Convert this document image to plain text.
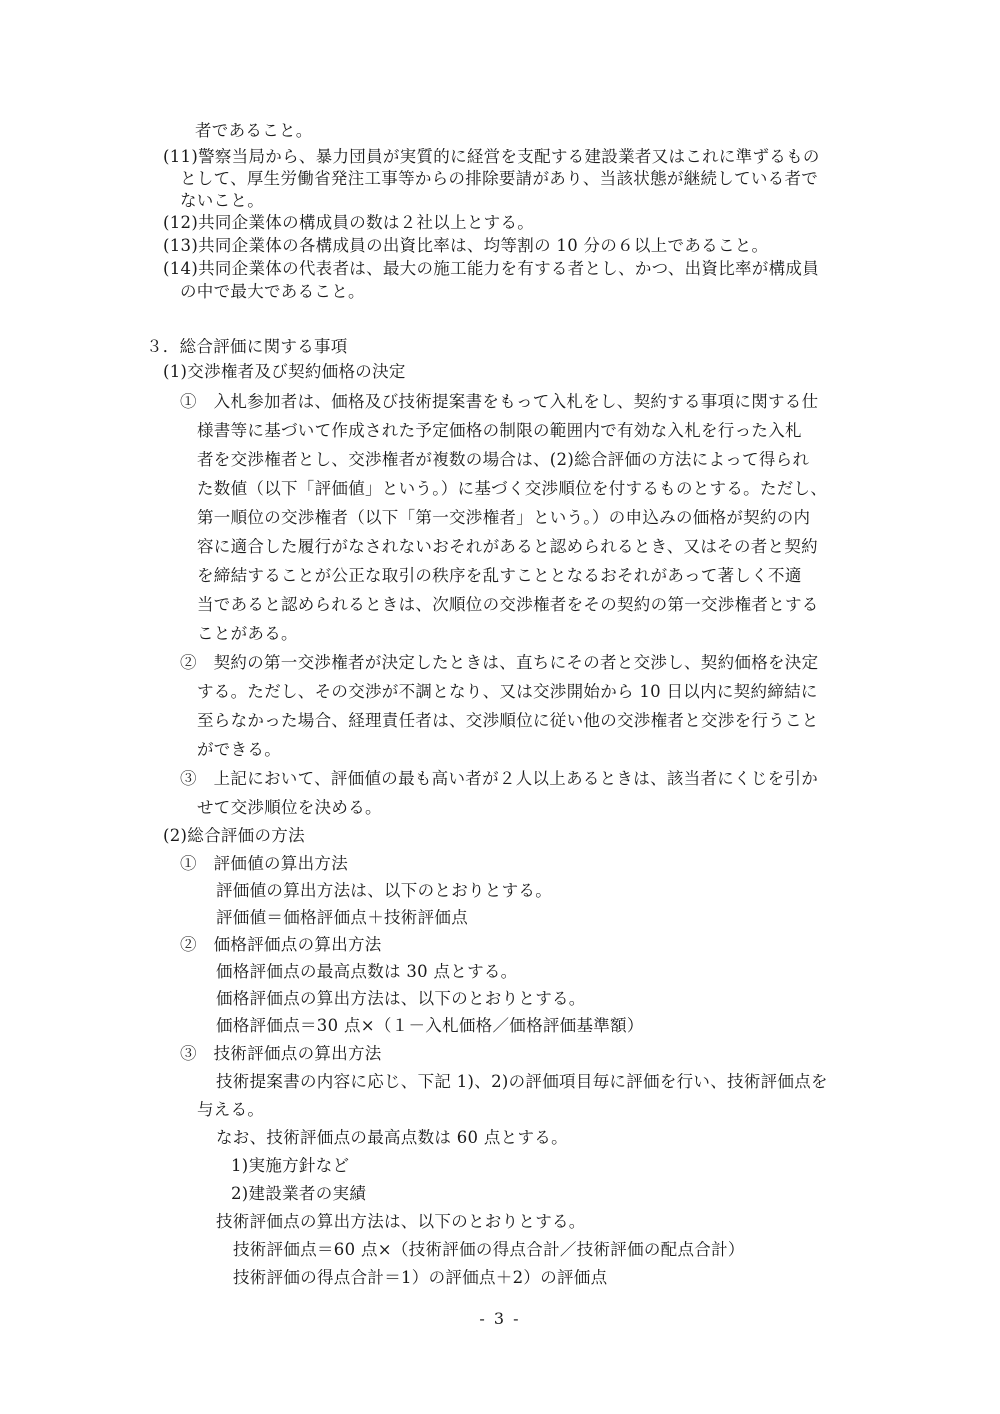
者であること。
(11)警察当局から、暴力団員が実質的に経営を支配する建設業者又はこれに準ずるもの
として、厚生労働省発注工事等からの排除要請があり、当該状態が継続している者で
ないこと。
(12)共同企業体の構成員の数は２社以上とする。
(13)共同企業体の各構成員の出資比率は、均等割の 10 分の６以上であること。
(14)共同企業体の代表者は、最大の施工能力を有する者とし、かつ、出資比率が構成員
の中で最大であること。
３．総合評価に関する事項
(1)交渉権者及び契約価格の決定
①　入札参加者は、価格及び技術提案書をもって入札をし、契約する事項に関する仕
様書等に基づいて作成された予定価格の制限の範囲内で有効な入札を行った入札
者を交渉権者とし、交渉権者が複数の場合は、(2)総合評価の方法によって得られ
た数値（以下「評価値」という。）に基づく交渉順位を付するものとする。ただし、
第一順位の交渉権者（以下「第一交渉権者」という。）の申込みの価格が契約の内
容に適合した履行がなされないおそれがあると認められるとき、又はその者と契約
を締結することが公正な取引の秩序を乱すこととなるおそれがあって著しく不適
当であると認められるときは、次順位の交渉権者をその契約の第一交渉権者とする
ことがある。
②　契約の第一交渉権者が決定したときは、直ちにその者と交渉し、契約価格を決定
する。ただし、その交渉が不調となり、又は交渉開始から 10 日以内に契約締結に
至らなかった場合、経理責任者は、交渉順位に従い他の交渉権者と交渉を行うこと
ができる。
③　上記において、評価値の最も高い者が２人以上あるときは、該当者にくじを引か
せて交渉順位を決める。
(2)総合評価の方法
①　評価値の算出方法
評価値の算出方法は、以下のとおりとする。
評価値＝価格評価点＋技術評価点
②　価格評価点の算出方法
価格評価点の最高点数は 30 点とする。
価格評価点の算出方法は、以下のとおりとする。
価格評価点＝30 点×（１－入札価格／価格評価基準額）
③　技術評価点の算出方法
技術提案書の内容に応じ、下記 1)、2)の評価項目毎に評価を行い、技術評価点を
与える。
なお、技術評価点の最高点数は 60 点とする。
1)実施方針など
2)建設業者の実績
技術評価点の算出方法は、以下のとおりとする。
技術評価点＝60 点×（技術評価の得点合計／技術評価の配点合計）
技術評価の得点合計＝1）の評価点＋2）の評価点
- 3 -
